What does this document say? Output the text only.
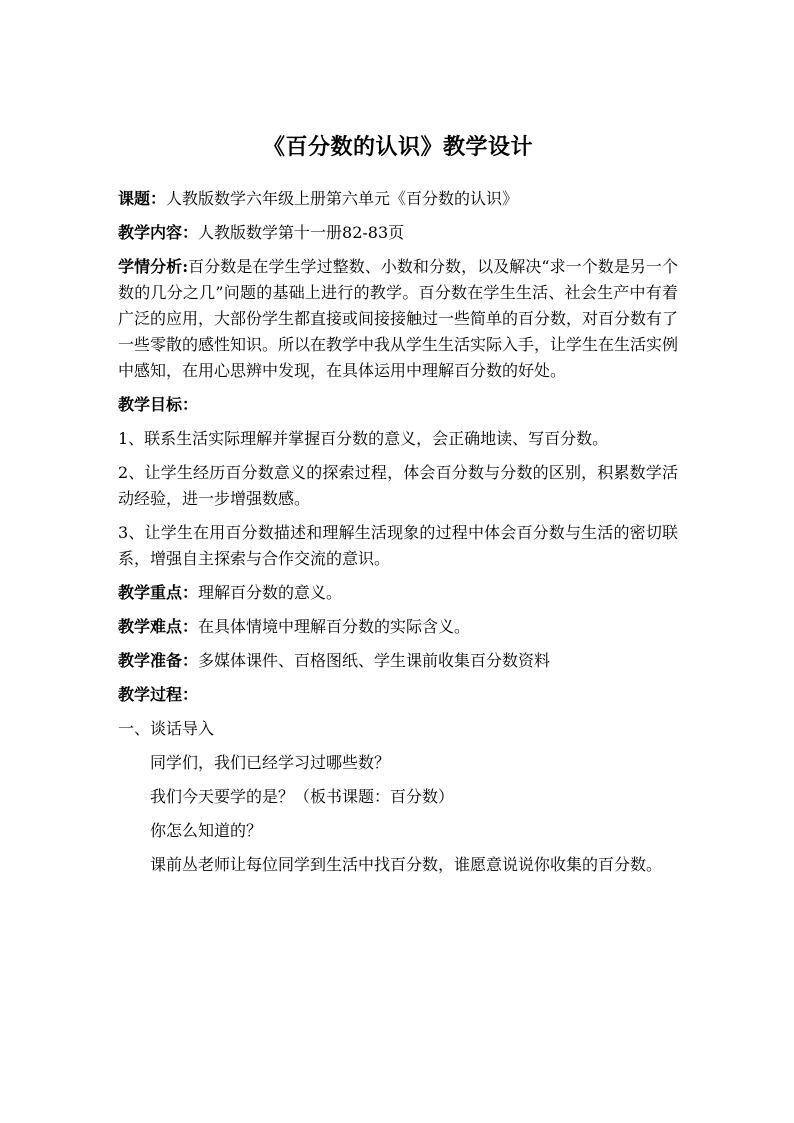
《百分数的认识》教学设计

课题：人教版数学六年级上册第六单元《百分数的认识》

教学内容：人教版数学第十一册82-83页

学情分析:百分数是在学生学过整数、小数和分数，以及解决“求一个数是另一个数的几分之几”问题的基础上进行的教学。百分数在学生生活、社会生产中有着广泛的应用，大部份学生都直接或间接接触过一些简单的百分数，对百分数有了一些零散的感性知识。所以在教学中我从学生生活实际入手，让学生在生活实例中感知，在用心思辨中发现，在具体运用中理解百分数的好处。

教学目标：

1、联系生活实际理解并掌握百分数的意义，会正确地读、写百分数。

2、让学生经历百分数意义的探索过程，体会百分数与分数的区别，积累数学活动经验，进一步增强数感。

3、让学生在用百分数描述和理解生活现象的过程中体会百分数与生活的密切联系，增强自主探索与合作交流的意识。

教学重点：理解百分数的意义。

教学难点：在具体情境中理解百分数的实际含义。

教学准备：多媒体课件、百格图纸、学生课前收集百分数资料

教学过程：

一、谈话导入

同学们，我们已经学习过哪些数？

我们今天要学的是？（板书课题：百分数）

你怎么知道的？

课前丛老师让每位同学到生活中找百分数，谁愿意说说你收集的百分数。
